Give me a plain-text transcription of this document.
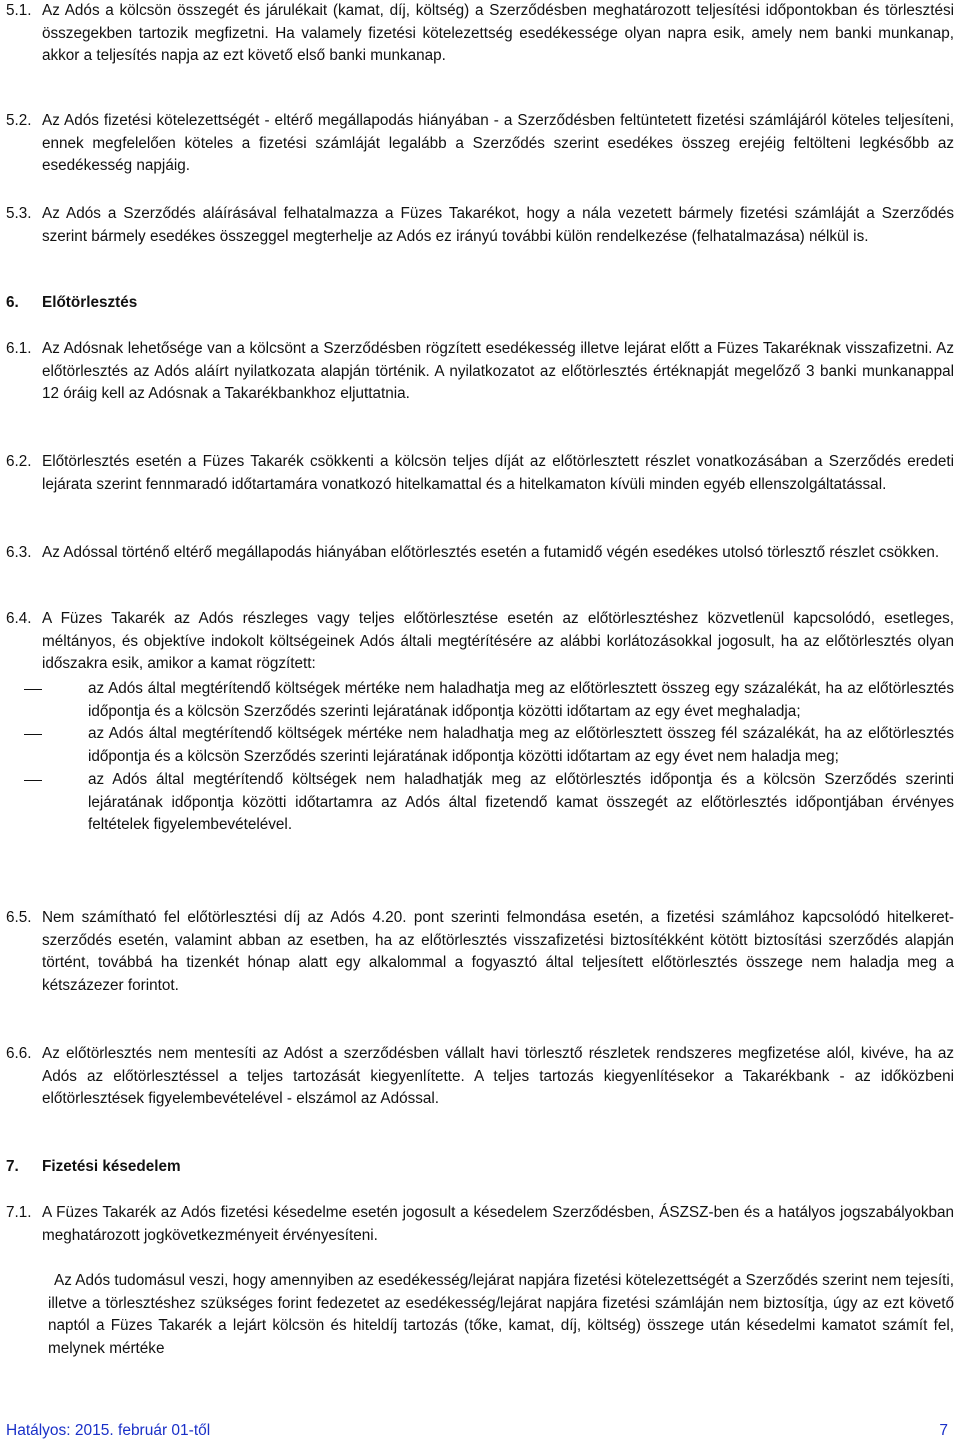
5.1. Az Adós a kölcsön összegét és járulékait (kamat, díj, költség) a Szerződésben meghatározott teljesítési időpontokban és törlesztési összegekben tartozik megfizetni. Ha valamely fizetési kötelezettség esedékessége olyan napra esik, amely nem banki munkanap, akkor a teljesítés napja az ezt követő első banki munkanap.
5.2. Az Adós fizetési kötelezettségét - eltérő megállapodás hiányában - a Szerződésben feltüntetett fizetési számlájáról köteles teljesíteni, ennek megfelelően köteles a fizetési számláját legalább a Szerződés szerint esedékes összeg erejéig feltölteni legkésőbb az esedékesség napjáig.
5.3. Az Adós a Szerződés aláírásával felhatalmazza a Füzes Takarékot, hogy a nála vezetett bármely fizetési számláját a Szerződés szerint bármely esedékes összeggel megterhelje az Adós ez irányú további külön rendelkezése (felhatalmazása) nélkül is.
6. Előtörlesztés
6.1. Az Adósnak lehetősége van a kölcsönt a Szerződésben rögzített esedékesség illetve lejárat előtt a Füzes Takaréknak visszafizetni. Az előtörlesztés az Adós aláírt nyilatkozata alapján történik. A nyilatkozatot az előtörlesztés értéknapját megelőző 3 banki munkanappal 12 óráig kell az Adósnak a Takarékbankhoz eljuttatnia.
6.2. Előtörlesztés esetén a Füzes Takarék csökkenti a kölcsön teljes díját az előtörlesztett részlet vonatkozásában a Szerződés eredeti lejárata szerint fennmaradó időtartamára vonatkozó hitelkamattal és a hitelkamaton kívüli minden egyéb ellenszolgáltatással.
6.3. Az Adóssal történő eltérő megállapodás hiányában előtörlesztés esetén a futamidő végén esedékes utolsó törlesztő részlet csökken.
6.4. A Füzes Takarék az Adós részleges vagy teljes előtörlesztése esetén az előtörlesztéshez közvetlenül kapcsolódó, esetleges, méltányos, és objektíve indokolt költségeinek Adós általi megtérítésére az alábbi korlátozásokkal jogosult, ha az előtörlesztés olyan időszakra esik, amikor a kamat rögzített:
az Adós által megtérítendő költségek mértéke nem haladhatja meg az előtörlesztett összeg egy százalékát, ha az előtörlesztés időpontja és a kölcsön Szerződés szerinti lejáratának időpontja közötti időtartam az egy évet meghaladja;
az Adós által megtérítendő költségek mértéke nem haladhatja meg az előtörlesztett összeg fél százalékát, ha az előtörlesztés időpontja és a kölcsön Szerződés szerinti lejáratának időpontja közötti időtartam az egy évet nem haladja meg;
az Adós által megtérítendő költségek nem haladhatják meg az előtörlesztés időpontja és a kölcsön Szerződés szerinti lejáratának időpontja közötti időtartamra az Adós által fizetendő kamat összegét az előtörlesztés időpontjában érvényes feltételek figyelembevételével.
6.5. Nem számítható fel előtörlesztési díj az Adós 4.20. pont szerinti felmondása esetén, a fizetési számlához kapcsolódó hitelkeret-szerződés esetén, valamint abban az esetben, ha az előtörlesztés visszafizetési biztosítékként kötött biztosítási szerződés alapján történt, továbbá ha tizenkét hónap alatt egy alkalommal a fogyasztó által teljesített előtörlesztés összege nem haladja meg a kétszázezer forintot.
6.6. Az előtörlesztés nem mentesíti az Adóst a szerződésben vállalt havi törlesztő részletek rendszeres megfizetése alól, kivéve, ha az Adós az előtörlesztéssel a teljes tartozását kiegyenlítette. A teljes tartozás kiegyenlítésekor a Takarékbank - az időközbeni előtörlesztések figyelembevételével - elszámol az Adóssal.
7. Fizetési késedelem
7.1. A Füzes Takarék az Adós fizetési késedelme esetén jogosult a késedelem Szerződésben, ÁSZSZ-ben és a hatályos jogszabályokban meghatározott jogkövetkezményeit érvényesíteni.
Az Adós tudomásul veszi, hogy amennyiben az esedékesség/lejárat napjára fizetési kötelezettségét a Szerződés szerint nem tejesíti, illetve a törlesztéshez szükséges forint fedezetet az esedékesség/lejárat napjára fizetési számláján nem biztosítja, úgy az ezt követő naptól a Füzes Takarék a lejárt kölcsön és hiteldíj tartozás (tőke, kamat, díj, költség) összege után késedelmi kamatot számít fel, melynek mértéke
Hatályos: 2015. február 01-től	7
